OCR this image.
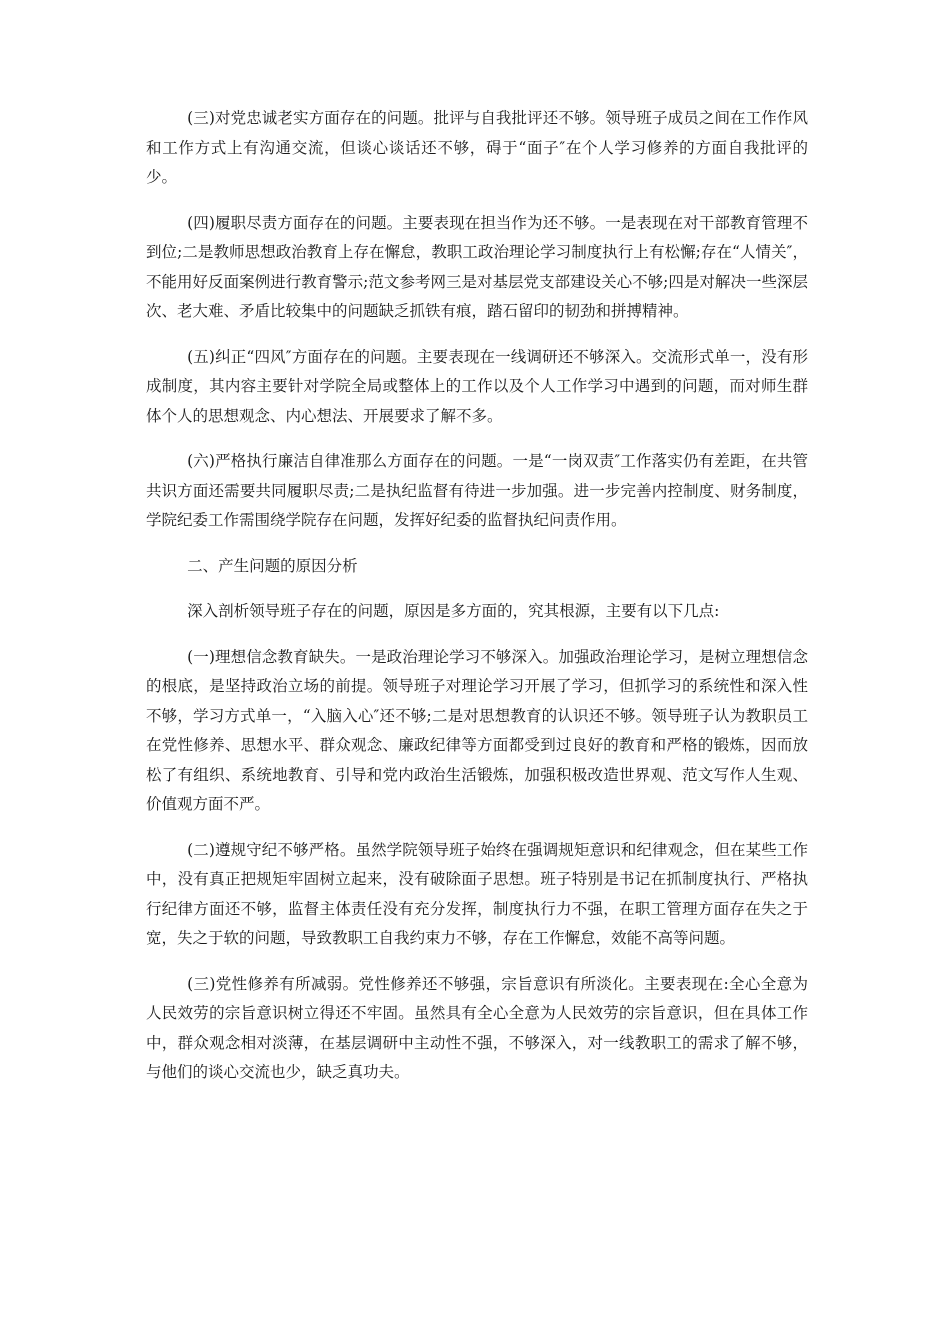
(三)对党忠诚老实方面存在的问题。批评与自我批评还不够。领导班子成员之间在工作作风和工作方式上有沟通交流，但谈心谈话还不够，碍于“面子″在个人学习修养的方面自我批评的少。

(四)履职尽责方面存在的问题。主要表现在担当作为还不够。一是表现在对干部教育管理不到位;二是教师思想政治教育上存在懈怠，教职工政治理论学习制度执行上有松懈;存在“人情关″，不能用好反面案例进行教育警示;范文参考网三是对基层党支部建设关心不够;四是对解决一些深层次、老大难、矛盾比较集中的问题缺乏抓铁有痕，踏石留印的韧劲和拼搏精神。

(五)纠正“四风″方面存在的问题。主要表现在一线调研还不够深入。交流形式单一，没有形成制度，其内容主要针对学院全局或整体上的工作以及个人工作学习中遇到的问题，而对师生群体个人的思想观念、内心想法、开展要求了解不多。

(六)严格执行廉洁自律准那么方面存在的问题。一是“一岗双责″工作落实仍有差距，在共管共识方面还需要共同履职尽责;二是执纪监督有待进一步加强。进一步完善内控制度、财务制度，学院纪委工作需围绕学院存在问题，发挥好纪委的监督执纪问责作用。

二、产生问题的原因分析

深入剖析领导班子存在的问题，原因是多方面的，究其根源，主要有以下几点:

(一)理想信念教育缺失。一是政治理论学习不够深入。加强政治理论学习，是树立理想信念的根底，是坚持政治立场的前提。领导班子对理论学习开展了学习，但抓学习的系统性和深入性不够，学习方式单一，“入脑入心″还不够;二是对思想教育的认识还不够。领导班子认为教职员工在党性修养、思想水平、群众观念、廉政纪律等方面都受到过良好的教育和严格的锻炼，因而放松了有组织、系统地教育、引导和党内政治生活锻炼，加强积极改造世界观、范文写作人生观、价值观方面不严。

(二)遵规守纪不够严格。虽然学院领导班子始终在强调规矩意识和纪律观念，但在某些工作中，没有真正把规矩牢固树立起来，没有破除面子思想。班子特别是书记在抓制度执行、严格执行纪律方面还不够，监督主体责任没有充分发挥，制度执行力不强，在职工管理方面存在失之于宽，失之于软的问题，导致教职工自我约束力不够，存在工作懈怠，效能不高等问题。

(三)党性修养有所减弱。党性修养还不够强，宗旨意识有所淡化。主要表现在:全心全意为人民效劳的宗旨意识树立得还不牢固。虽然具有全心全意为人民效劳的宗旨意识，但在具体工作中，群众观念相对淡薄，在基层调研中主动性不强，不够深入，对一线教职工的需求了解不够，与他们的谈心交流也少，缺乏真功夫。
